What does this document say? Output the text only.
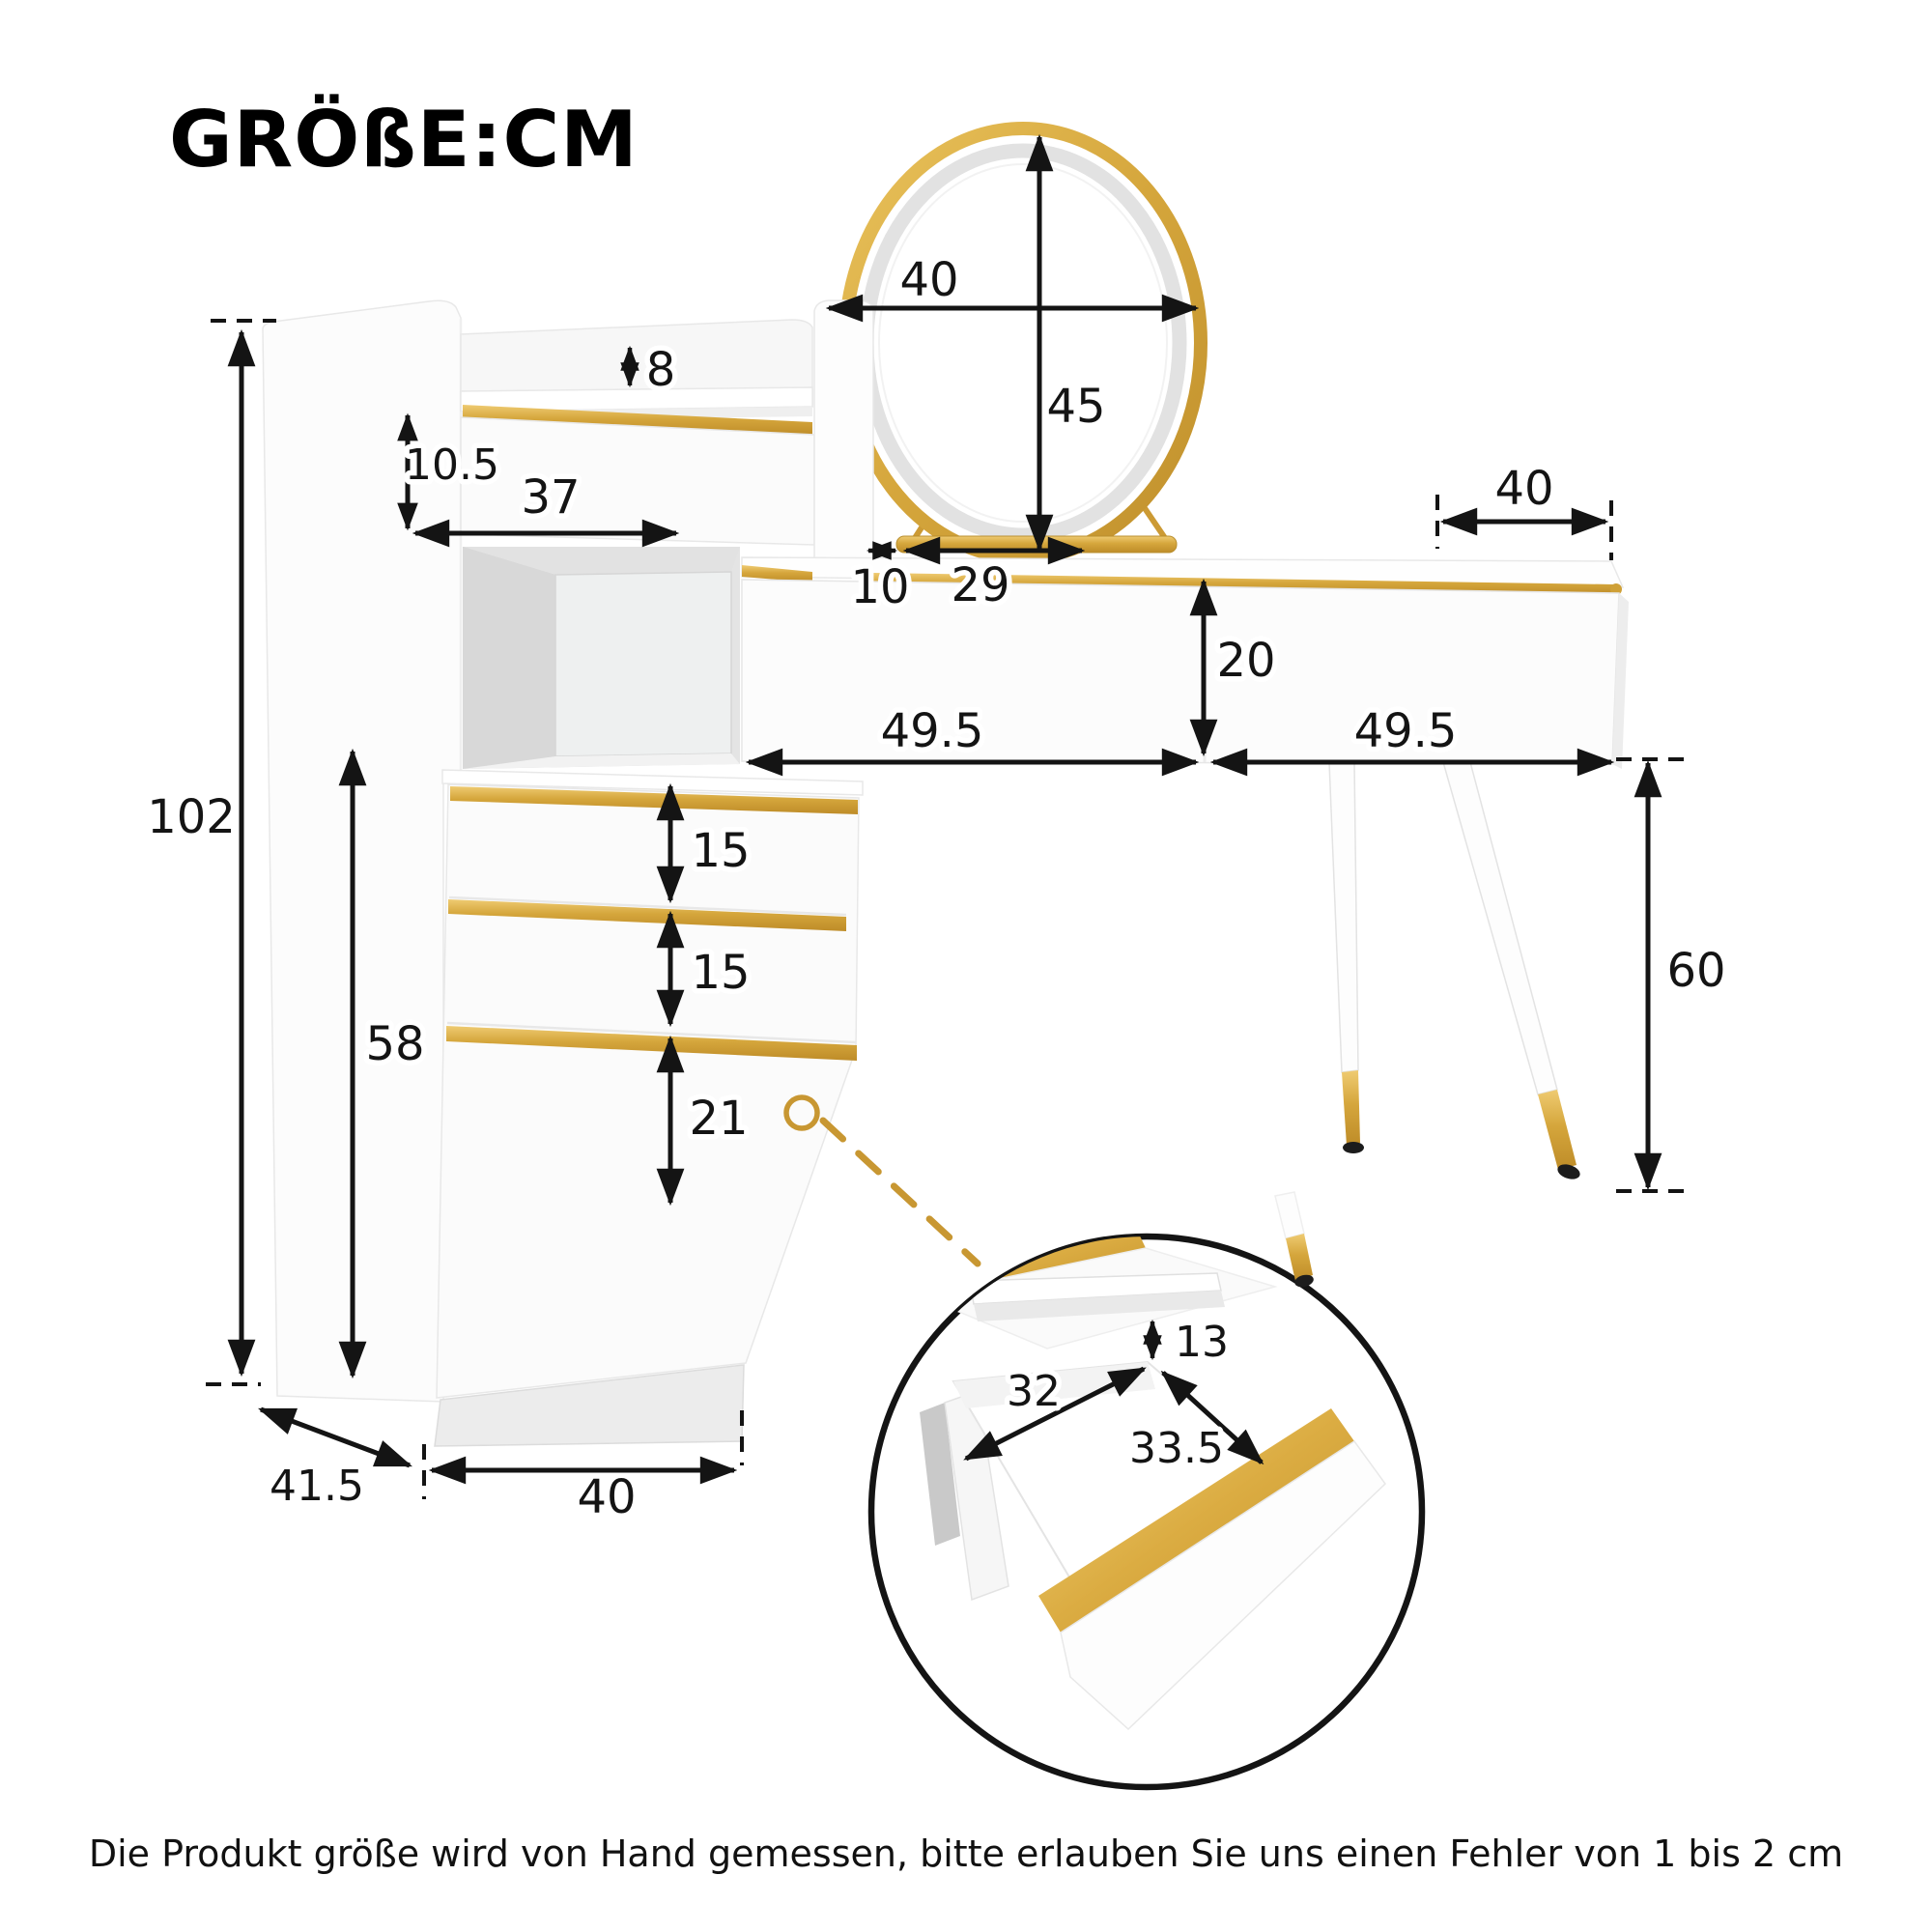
102
58
8
10.5
37
40
45
10 29
40
20
49.5	49.5
60
15
15
21
40
41.5
13
32
33.5
GRÖßE:CM
Die Produkt größe wird von Hand gemessen, bitte erlauben Sie uns einen Fehler von 1 bis 2 cm
